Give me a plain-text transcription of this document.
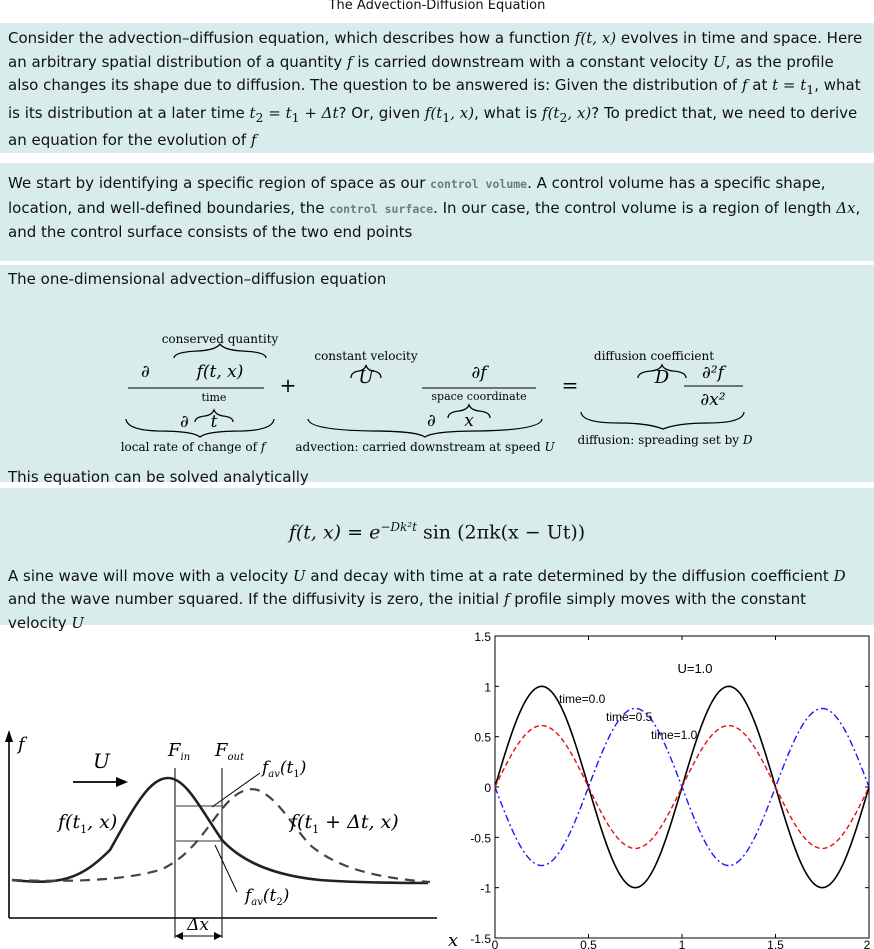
The Advection-Diffusion Equation
Consider the advection–diffusion equation, which describes how a function f(t, x) evolves in time and space. Here an arbitrary spatial distribution of a quantity f is carried downstream with a constant velocity U, as the profile also changes its shape due to diffusion. The question to be answered is: Given the distribution of f at $t = t_1$, what is its distribution at a later time $t_2 = t_1 + \Delta t$? Or, given $f(t_1$, x), what is $f(t_2$, x)? To predict that, we need to derive an equation for the evolution of f
We start by identifying a specific region of space as our control volume. A control volume has a specific shape, location, and well-defined boundaries, the control surface. In our case, the control volume is a region of length Δx, and the control surface consists of the two end points
The one-dimensional advection–diffusion equation
conserved quantity
∂	f(t, x)
time
∂ t
local rate of change of f
+
constant velocity
U	∂f
space coordinate
∂ x
advection: carried downstream at speed U
=
diffusion coefficient
D ∂²f
∂x²
diffusion: spreading set by D
This equation can be solved analytically
f(t, $x) = e^{-Dk^2t}$ sin (2πk(x − Ut))
A sine wave will move with a velocity U and decay with time at a rate determined by the diffusion coefficient D and the wave number squared. If the diffusivity is zero, the initial f profile simply moves with the constant velocity U
f
x
U	$F_{in}$ $F_{out}$
$f_{av}(t_1)$
$f_{av}(t_2)$
$f(t_1$, x)	$f(t_1 + \Delta t$, x)
Δx
0	0.5	1	1.5	2
1.5
1
0.5
0
-0.5
-1
-1.5
U=1.0
time=0.0
time=0.5
time=1.0
